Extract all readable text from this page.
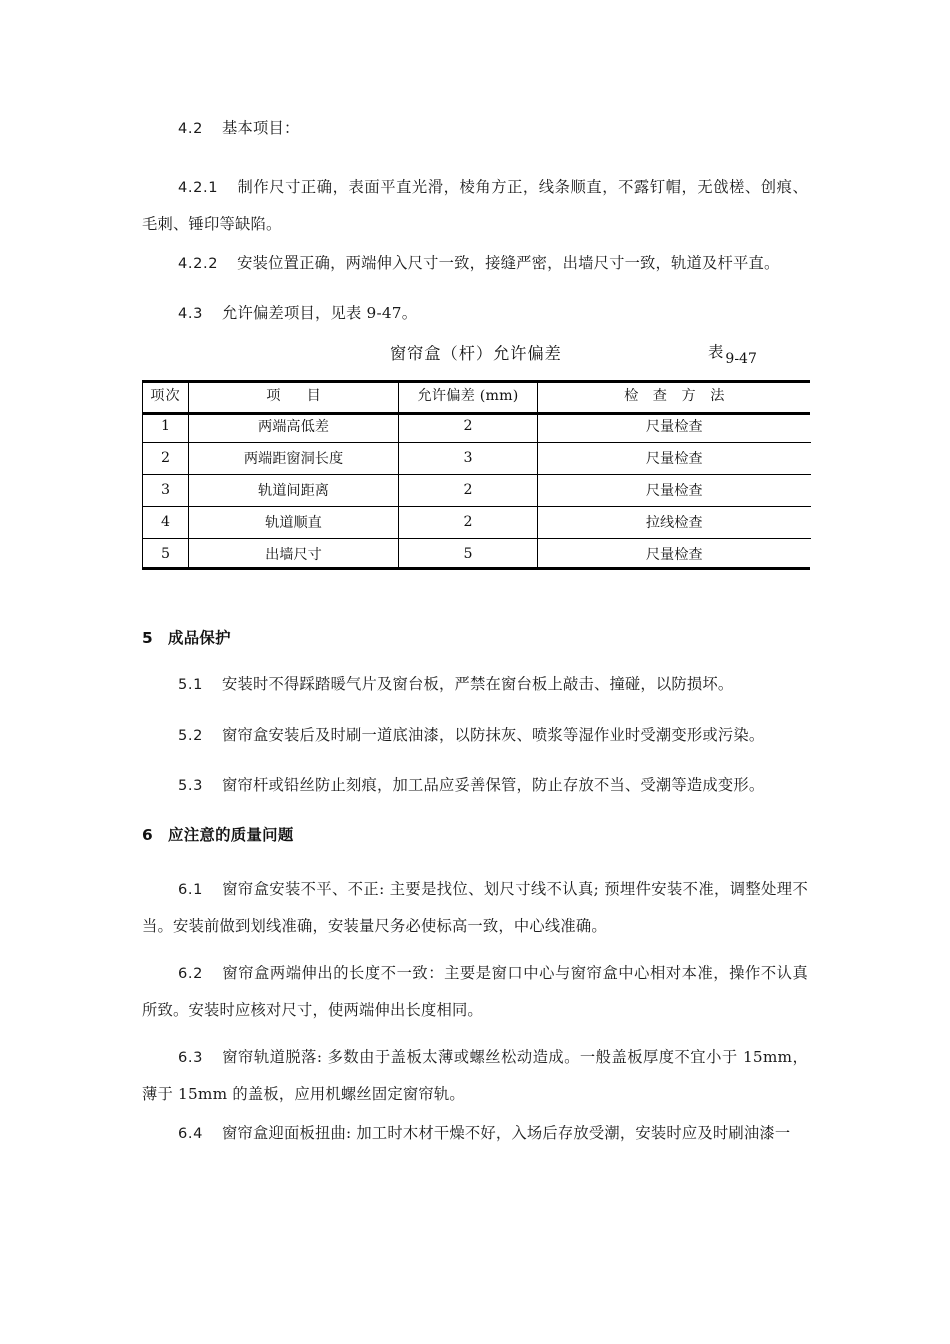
4.2 基本项目：

4.2.1 制作尺寸正确，表面平直光滑，棱角方正，线条顺直，不露钉帽，无戗槎、创痕、毛刺、锤印等缺陷。

4.2.2 安装位置正确，两端伸入尺寸一致，接缝严密，出墙尺寸一致，轨道及杆平直。

4.3 允许偏差项目，见表 9-47。

窗帘盒（杆）允许偏差	表 9-47
项次	项　目	允许偏差 (mm)	检 查 方 法
1	两端高低差	2	尺量检查
2	两端距窗洞长度	3	尺量检查
3	轨道间距离	2	尺量检查
4	轨道顺直	2	拉线检查
5	出墙尺寸	5	尺量检查
5 成品保护

5.1 安装时不得踩踏暖气片及窗台板，严禁在窗台板上敲击、撞碰，以防损坏。

5.2 窗帘盒安装后及时刷一道底油漆，以防抹灰、喷浆等湿作业时受潮变形或污染。

5.3 窗帘杆或铅丝防止刻痕，加工品应妥善保管，防止存放不当、受潮等造成变形。

6 应注意的质量问题

6.1 窗帘盒安装不平、不正: 主要是找位、划尺寸线不认真; 预埋件安装不准，调整处理不当。安装前做到划线准确，安装量尺务必使标高一致，中心线准确。

6.2 窗帘盒两端伸出的长度不一致：主要是窗口中心与窗帘盒中心相对本准，操作不认真所致。安装时应核对尺寸，使两端伸出长度相同。

6.3 窗帘轨道脱落: 多数由于盖板太薄或螺丝松动造成。一般盖板厚度不宜小于 15mm，薄于 15mm 的盖板，应用机螺丝固定窗帘轨。

6.4 窗帘盒迎面板扭曲: 加工时木材干燥不好，入场后存放受潮，安装时应及时刷油漆一
